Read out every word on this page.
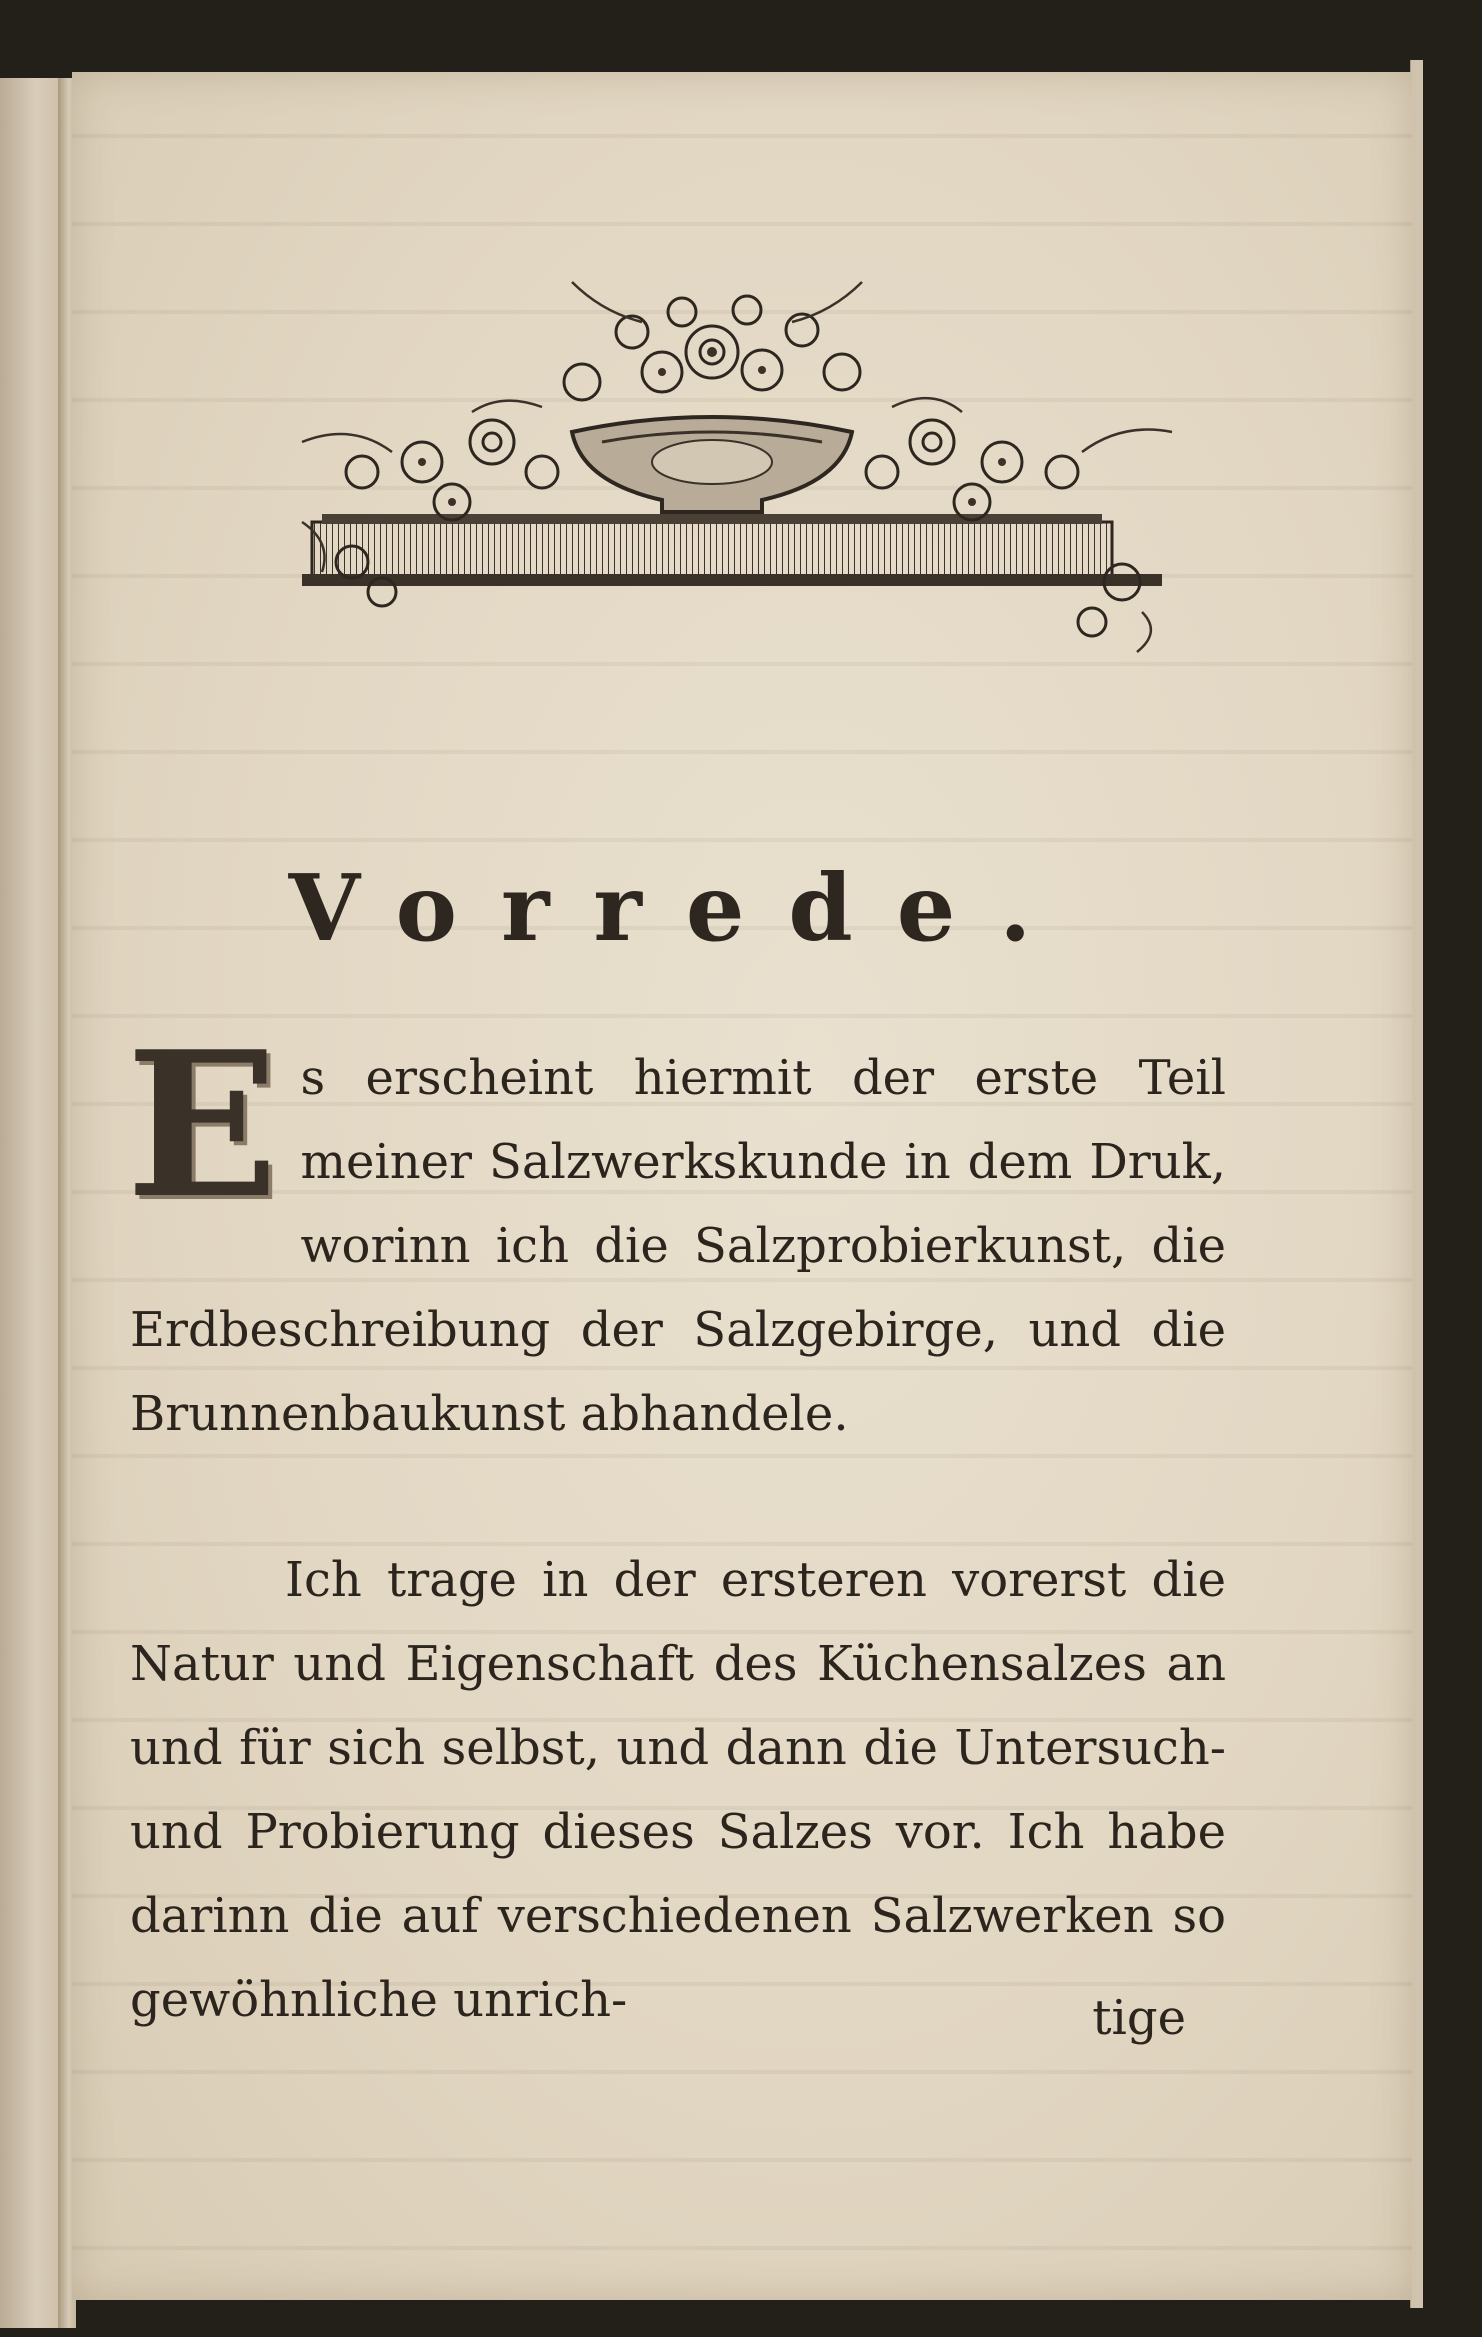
Vorrede.
E s erscheint hiermit der erste Teil meiner Salzwerkskunde in dem Druk, worinn ich die Salzprobierkunst, die Erdbeschreibung der Salzgebirge, und die Brunnenbaukunst abhandele.
Ich trage in der ersteren vorerst die Natur und Eigenschaft des Küchensalzes an und für sich selbst, und dann die Untersuch- und Probierung dieses Salzes vor. Ich habe darinn die auf verschiedenen Salzwerken so gewöhnliche unrich-	tige
